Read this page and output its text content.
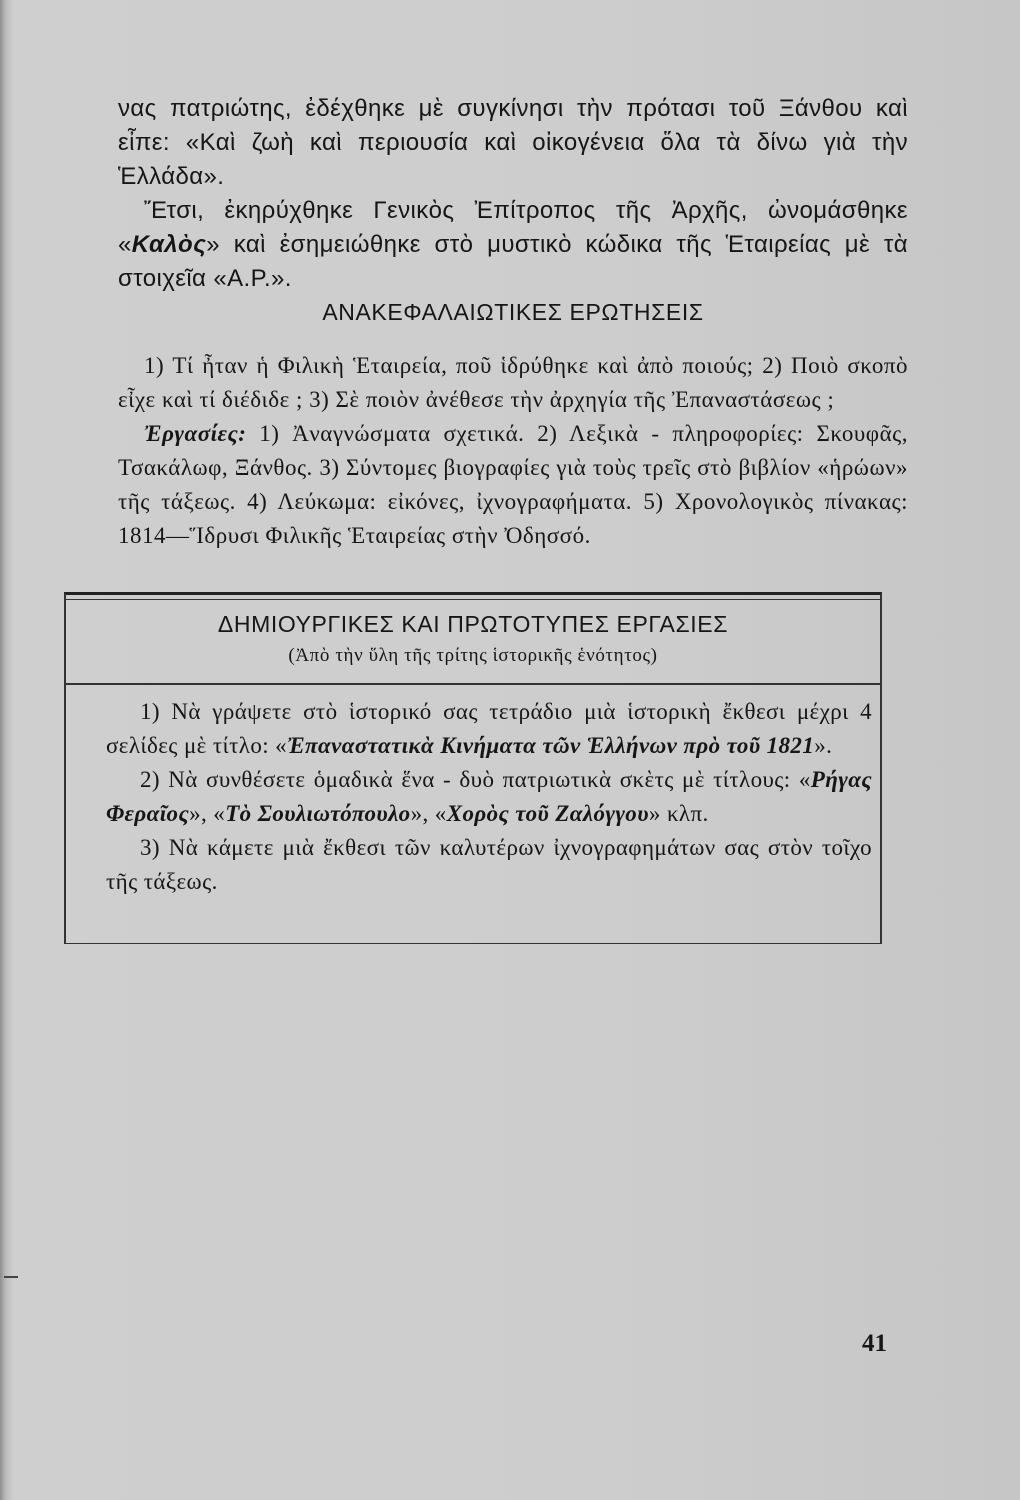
νας πατριώτης, ἐδέχθηκε μὲ συγκίνησι τὴν πρότασι τοῦ Ξάνθου καὶ εἶπε: «Καὶ ζωὴ καὶ περιουσία καὶ οἰκογένεια ὅλα τὰ δίνω γιὰ τὴν Ἑλλάδα».

Ἔτσι, ἐκηρύχθηκε Γενικὸς Ἐπίτροπος τῆς Ἀρχῆς, ὠνομάσθηκε «Καλὸς» καὶ ἐσημειώθηκε στὸ μυστικὸ κώδικα τῆς Ἑταιρείας μὲ τὰ στοιχεῖα «Α.Ρ.».

ΑΝΑΚΕΦΑΛΑΙΩΤΙΚΕΣ ΕΡΩΤΗΣΕΙΣ

1) Τί ἦταν ἡ Φιλικὴ Ἑταιρεία, ποῦ ἱδρύθηκε καὶ ἀπὸ ποιούς; 2) Ποιὸ σκοπὸ εἶχε καὶ τί διέδιδε ; 3) Σὲ ποιὸν ἀνέθεσε τὴν ἀρχηγία τῆς Ἐπαναστάσεως ;

Ἐργασίες: 1) Ἀναγνώσματα σχετικά. 2) Λεξικὰ - πληροφορίες: Σκουφᾶς, Τσακάλωφ, Ξάνθος. 3) Σύντομες βιογραφίες γιὰ τοὺς τρεῖς στὸ βιβλίον «ἡρώων» τῆς τάξεως. 4) Λεύκωμα: εἰκόνες, ἰχνογραφήματα. 5) Χρονολογικὸς πίνακας: 1814—Ἵδρυσι Φιλικῆς Ἑταιρείας στὴν Ὀδησσό.

ΔΗΜΙΟΥΡΓΙΚΕΣ ΚΑΙ ΠΡΩΤΟΤΥΠΕΣ ΕΡΓΑΣΙΕΣ
(Ἀπὸ τὴν ὕλη τῆς τρίτης ἱστορικῆς ἑνότητος)

1) Νὰ γράψετε στὸ ἱστορικό σας τετράδιο μιὰ ἱστορικὴ ἔκθεσι μέχρι 4 σελίδες μὲ τίτλο: «Ἐπαναστατικὰ Κινήματα τῶν Ἑλλήνων πρὸ τοῦ 1821».

2) Νὰ συνθέσετε ὁμαδικὰ ἕνα - δυὸ πατριωτικὰ σκὲτς μὲ τίτλους: «Ρήγας Φεραῖος», «Τὸ Σουλιωτόπουλο», «Χορὸς τοῦ Ζαλόγγου» κλπ.

3) Νὰ κάμετε μιὰ ἔκθεσι τῶν καλυτέρων ἰχνογραφημάτων σας στὸν τοῖχο τῆς τάξεως.

41
